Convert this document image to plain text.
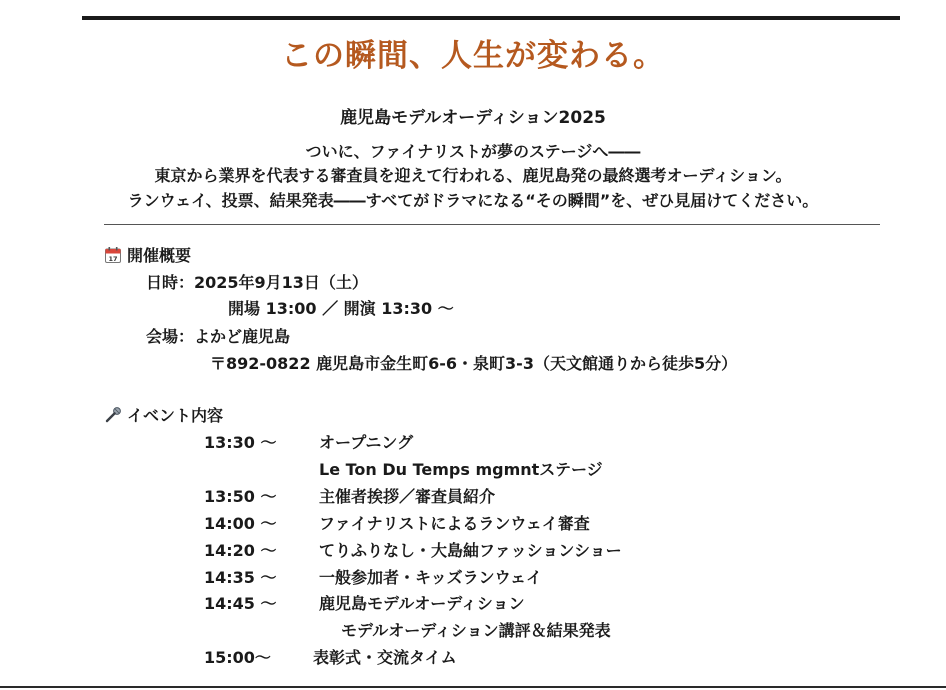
この瞬間、人生が変わる。
鹿児島モデルオーディション2025
ついに、ファイナリストが夢のステージへ――
東京から業界を代表する審査員を迎えて行われる、鹿児島発の最終選考オーディション。
ランウェイ、投票、結果発表――すべてがドラマになる“その瞬間”を、ぜひ見届けてください。
17 開催概要
日時：2025年9月13日（土）
開場 13:00 ／ 開演 13:30 〜
会場：よかど鹿児島
〒892-0822 鹿児島市金生町6-6・泉町3-3（天文館通りから徒歩5分）
イベント内容
13:30 〜	オープニング
Le Ton Du Temps mgmntステージ
13:50 〜	主催者挨拶／審査員紹介
14:00 〜	ファイナリストによるランウェイ審査
14:20 〜	てりふりなし・大島紬ファッションショー
14:35 〜	一般参加者・キッズランウェイ
14:45 〜	鹿児島モデルオーディション
モデルオーディション講評＆結果発表
15:00〜	表彰式・交流タイム
